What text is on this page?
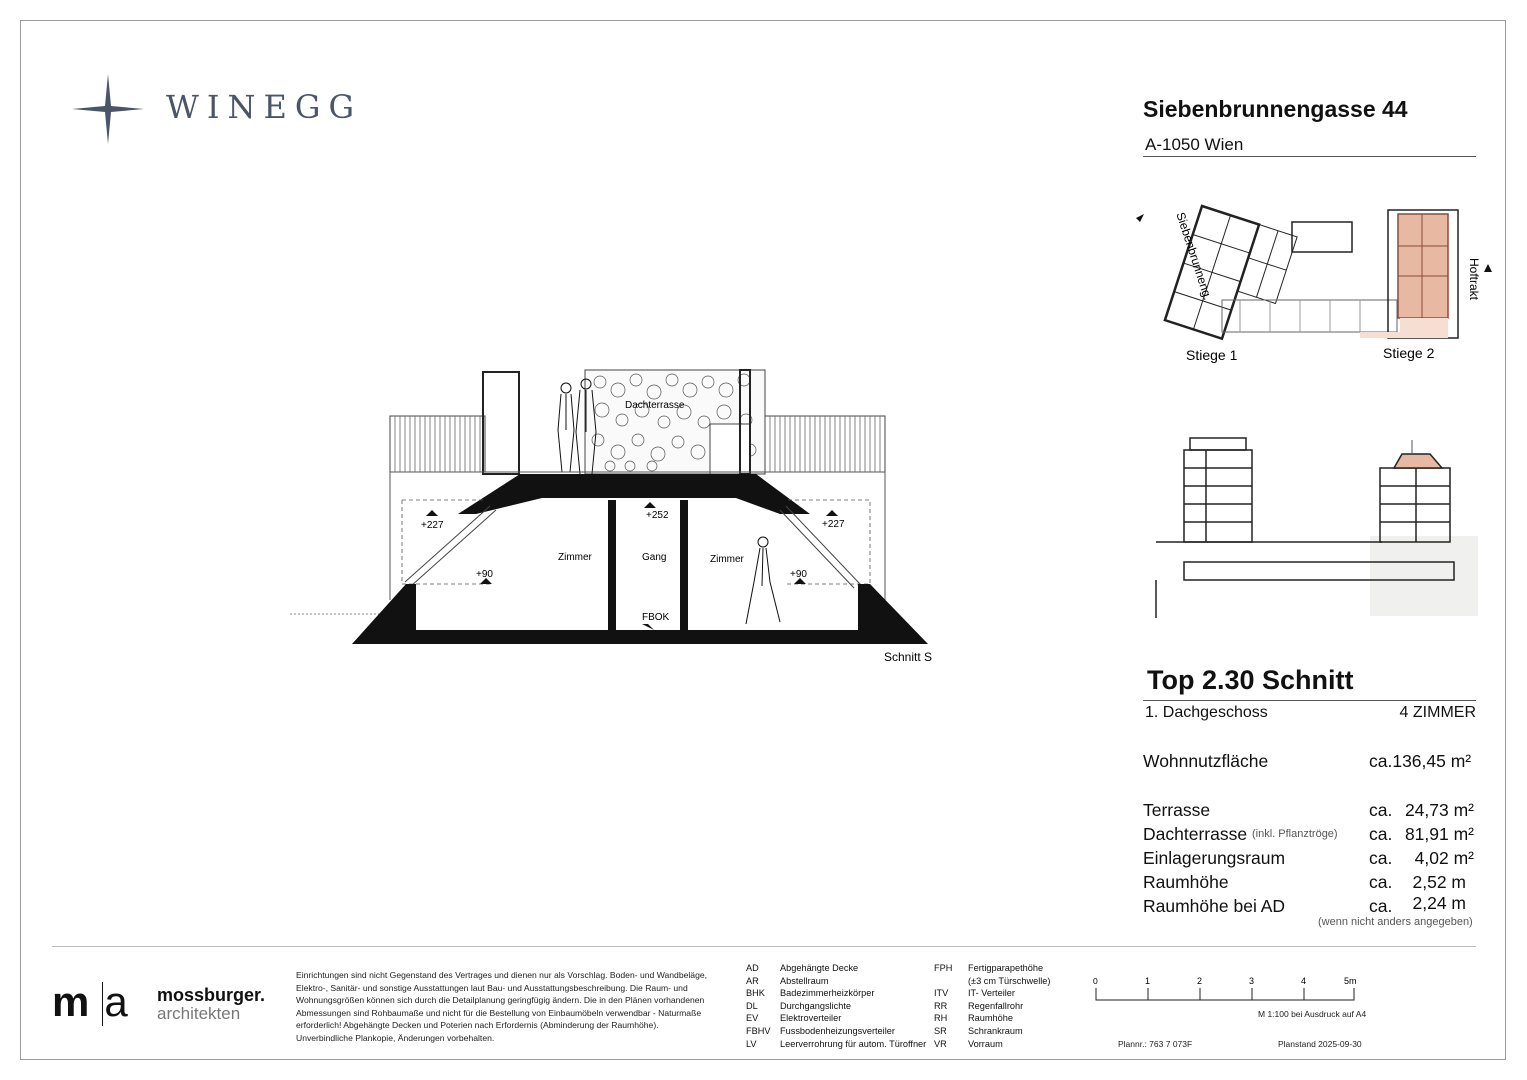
WINEGG	Siebenbrunnengasse 44
A-1050 Wien
Siebenbrunneng.	Hoftrakt
Stiege 1	Stiege 2
Dachterrasse
Zimmer	Gang	Zimmer
+227
+252
+227
+90	+90
FBOK
Schnitt S
Top 2.30 Schnitt
1. Dachgeschoss	4 ZIMMER
Wohnnutzfläche	ca.136,45 m²
Terrasse	ca. 24,73 m²
Dachterrasse (inkl. Pflanztröge) ca. 81,91 m²
Einlagerungsraum	ca.	4,02 m²
Raumhöhe	ca.	2,52 m
Raumhöhe bei AD	ca.	2,24 m
(wenn nicht anders angegeben)
m a mossburger.
architekten
Einrichtungen sind nicht Gegenstand des Vertrages und dienen nur als Vorschlag. Boden- und Wandbeläge, Elektro-, Sanitär- und sonstige Ausstattungen laut Bau- und Ausstattungsbeschreibung. Die Raum- und Wohnungsgrößen können sich durch die Detailplanung geringfügig ändern. Die in den Plänen vorhandenen Abmessungen sind Rohbaumaße und nicht für die Bestellung von Einbaumöbeln verwendbar - Naturmaße erforderlich! Abgehängte Decken und Poterien nach Erfordernis (Abminderung der Raumhöhe). Unverbindliche Plankopie, Änderungen vorbehalten.
AD Abgehängte Decke
AR Abstellraum
BHK Badezimmerheizkörper
DL Durchgangslichte
EV Elektroverteiler
FBHV Fussbodenheizungsverteiler
LV	Leerverrohrung für autom. Türoffner
FPH Fertigparapethöhe
(±3 cm Türschwelle)
ITV IT- Verteiler
RR Regenfallrohr
RH Raumhöhe
SR Schrankraum
VR Vorraum
0	1	2	3	4	5m
M 1:100 bei Ausdruck auf A4
Plannr.: 763 7 073F	Planstand 2025-09-30
